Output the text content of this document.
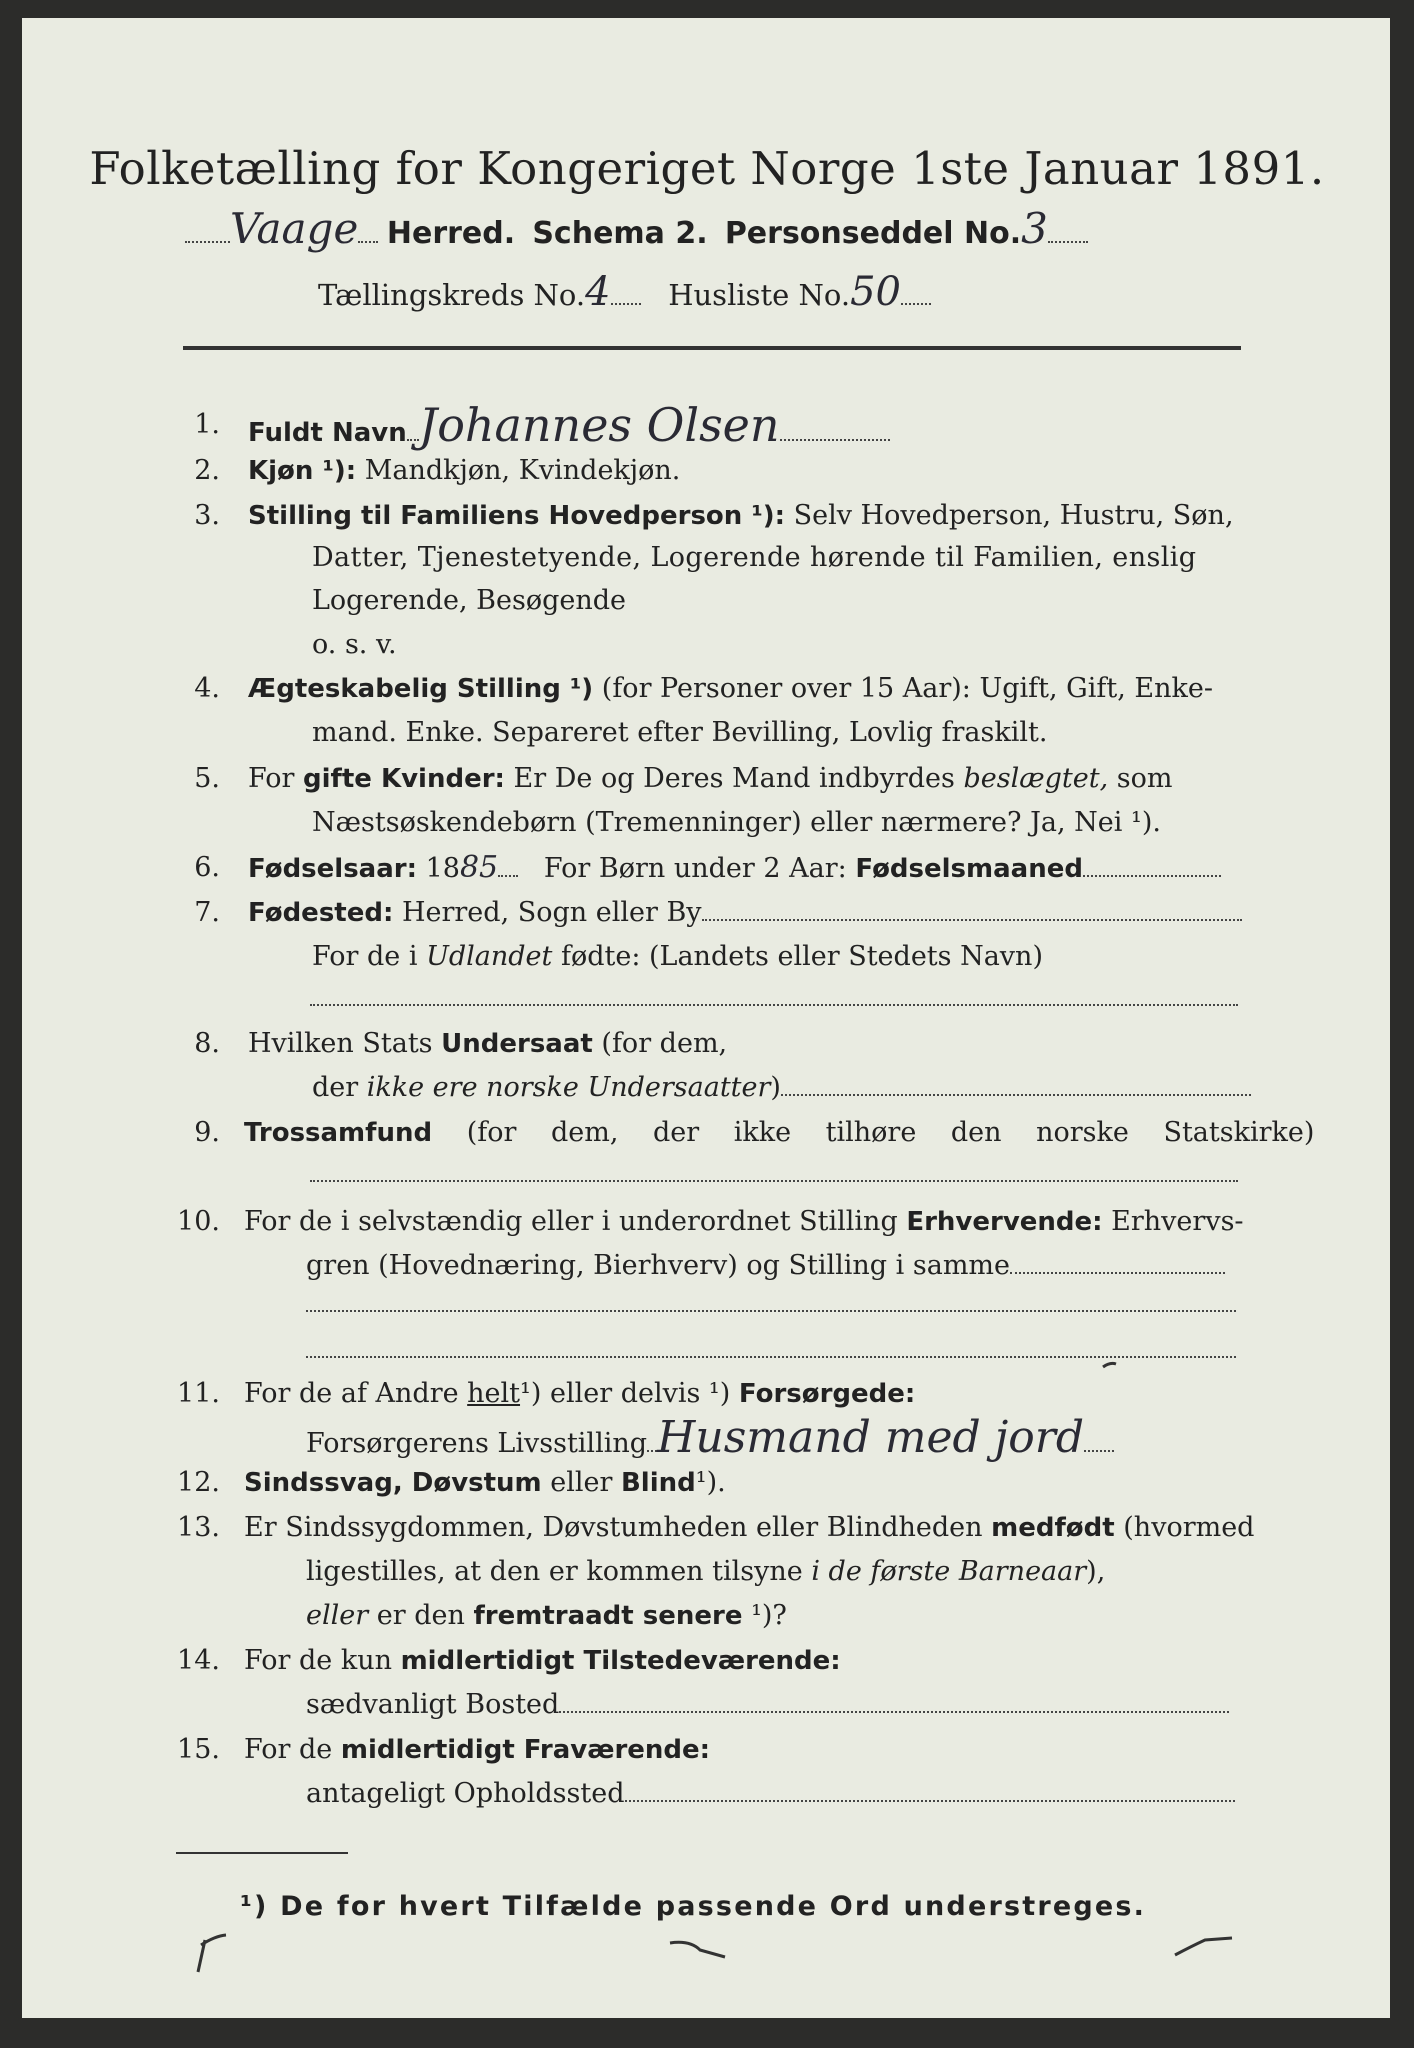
Folketælling for Kongeriget Norge 1ste Januar 1891.
Vaage Herred. Schema 2. Personseddel No.3
Tællingskreds No.4 Husliste No.50
1. Fuldt Navn Johannes Olsen
2. Kjøn ¹): Mandkjøn, Kvindekjøn.
3. Stilling til Familiens Hovedperson ¹): Selv Hovedperson, Hustru, Søn,
Datter, Tjenestetyende, Logerende hørende til Familien, enslig
Logerende, Besøgende
o. s. v.
4. Ægteskabelig Stilling ¹) (for Personer over 15 Aar): Ugift, Gift, Enke-
mand. Enke. Separeret efter Bevilling, Lovlig fraskilt.
5. For gifte Kvinder: Er De og Deres Mand indbyrdes beslægtet, som
Næstsøskendebørn (Tremenninger) eller nærmere? Ja, Nei ¹).
6. Fødselsaar: 1885 For Børn under 2 Aar: Fødselsmaaned
7. Fødested: Herred, Sogn eller By
For de i Udlandet fødte: (Landets eller Stedets Navn)
8. Hvilken Stats Undersaat (for dem,
der ikke ere norske Undersaatter)
9. Trossamfund (for dem, der ikke tilhøre den norske Statskirke)
10. For de i selvstændig eller i underordnet Stilling Erhvervende: Erhvervs-
gren (Hovednæring, Bierhverv) og Stilling i samme
11. For de af Andre helt¹) eller delvis ¹) Forsørgede:
Forsørgerens Livsstilling Husmand med jord
12. Sindssvag, Døvstum eller Blind¹).
13. Er Sindssygdommen, Døvstumheden eller Blindheden medfødt (hvormed
ligestilles, at den er kommen tilsyne i de første Barneaar),
eller er den fremtraadt senere ¹)?
14. For de kun midlertidigt Tilstedeværende:
sædvanligt Bosted
15. For de midlertidigt Fraværende:
antageligt Opholdssted
¹) De for hvert Tilfælde passende Ord understreges.
